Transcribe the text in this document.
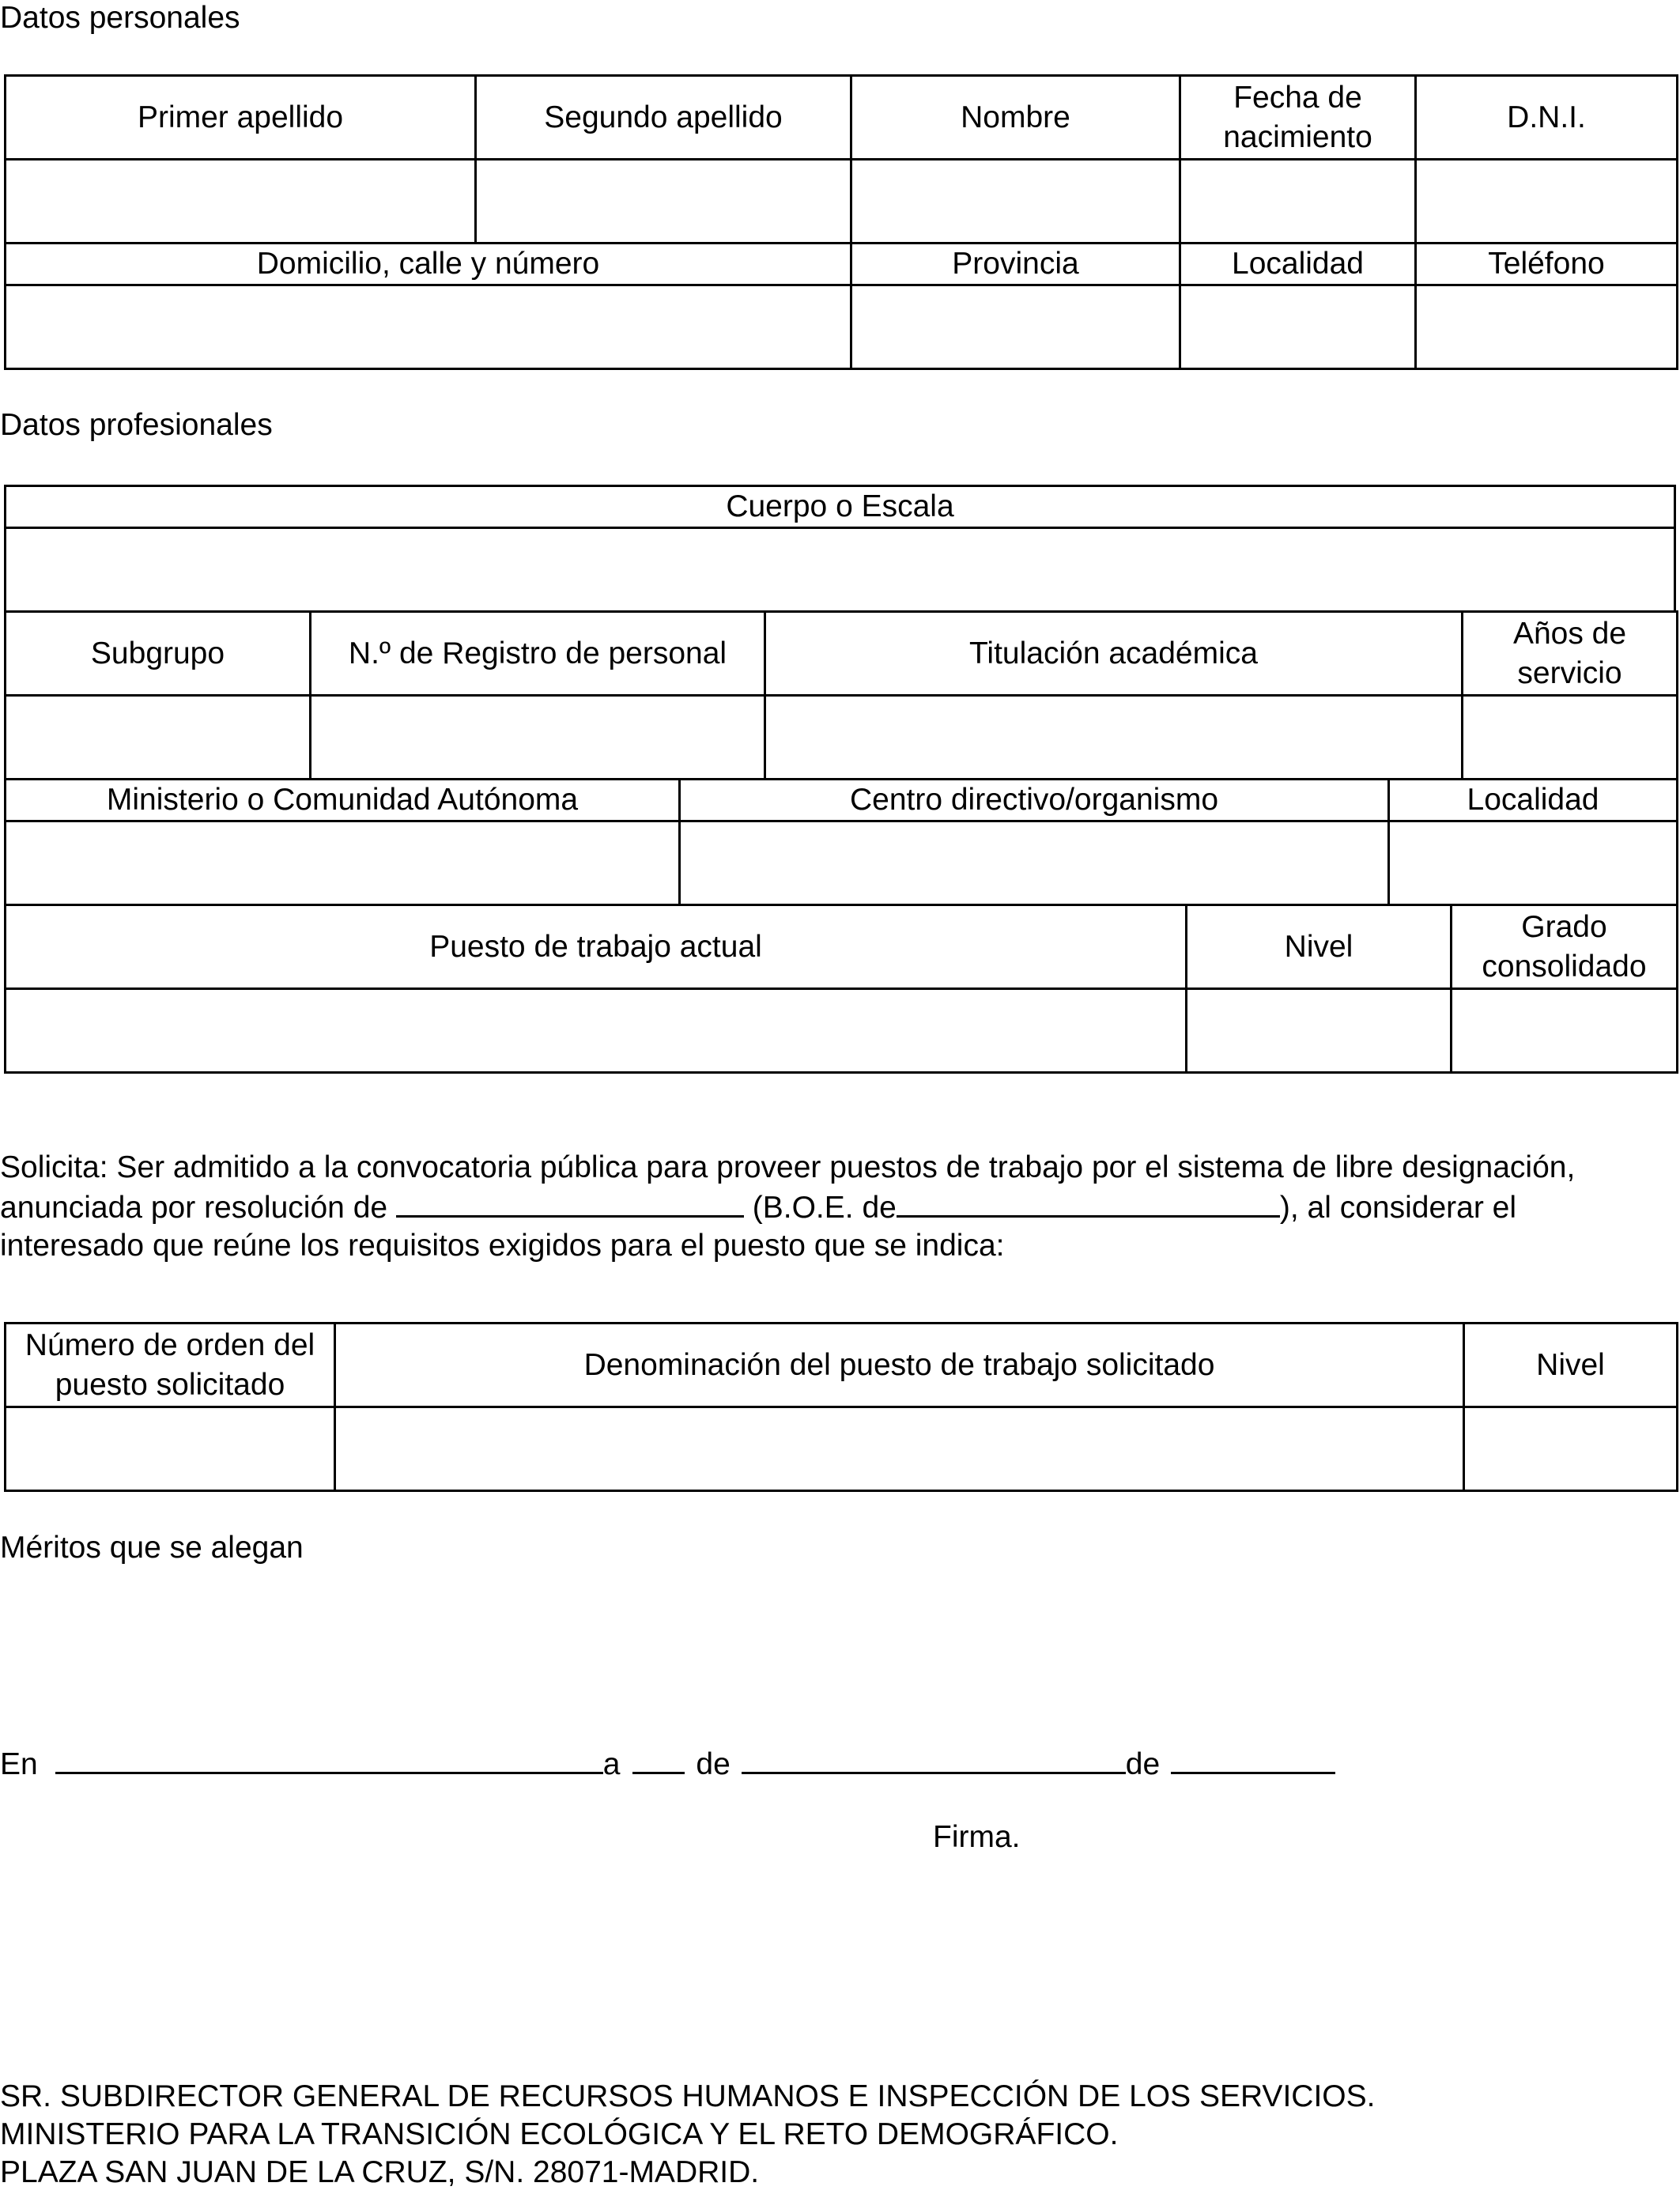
Datos personales
Primer apellido	Segundo apellido	Nombre	Fecha de nacimiento	D.N.I.

Domicilio, calle y número		Provincia	Localidad	Teléfono

Datos profesionales
Cuerpo o Escala

Subgrupo	N.º de Registro de personal	Titulación académica	Años de servicio

Ministerio o Comunidad Autónoma	Centro directivo/organismo	Localidad

Puesto de trabajo actual	Nivel	Grado consolidado

Solicita: Ser admitido a la convocatoria pública para proveer puestos de trabajo por el sistema de libre designación,
anunciada por resolución de	(B.O.E. de	), al considerar el
interesado que reúne los requisitos exigidos para el puesto que se indica:
Número de orden del puesto solicitado	Denominación del puesto de trabajo solicitado	Nivel

Méritos que se alegan
En	a de	de
Firma.
SR. SUBDIRECTOR GENERAL DE RECURSOS HUMANOS E INSPECCIÓN DE LOS SERVICIOS.
MINISTERIO PARA LA TRANSICIÓN ECOLÓGICA Y EL RETO DEMOGRÁFICO.
PLAZA SAN JUAN DE LA CRUZ, S/N. 28071-MADRID.
